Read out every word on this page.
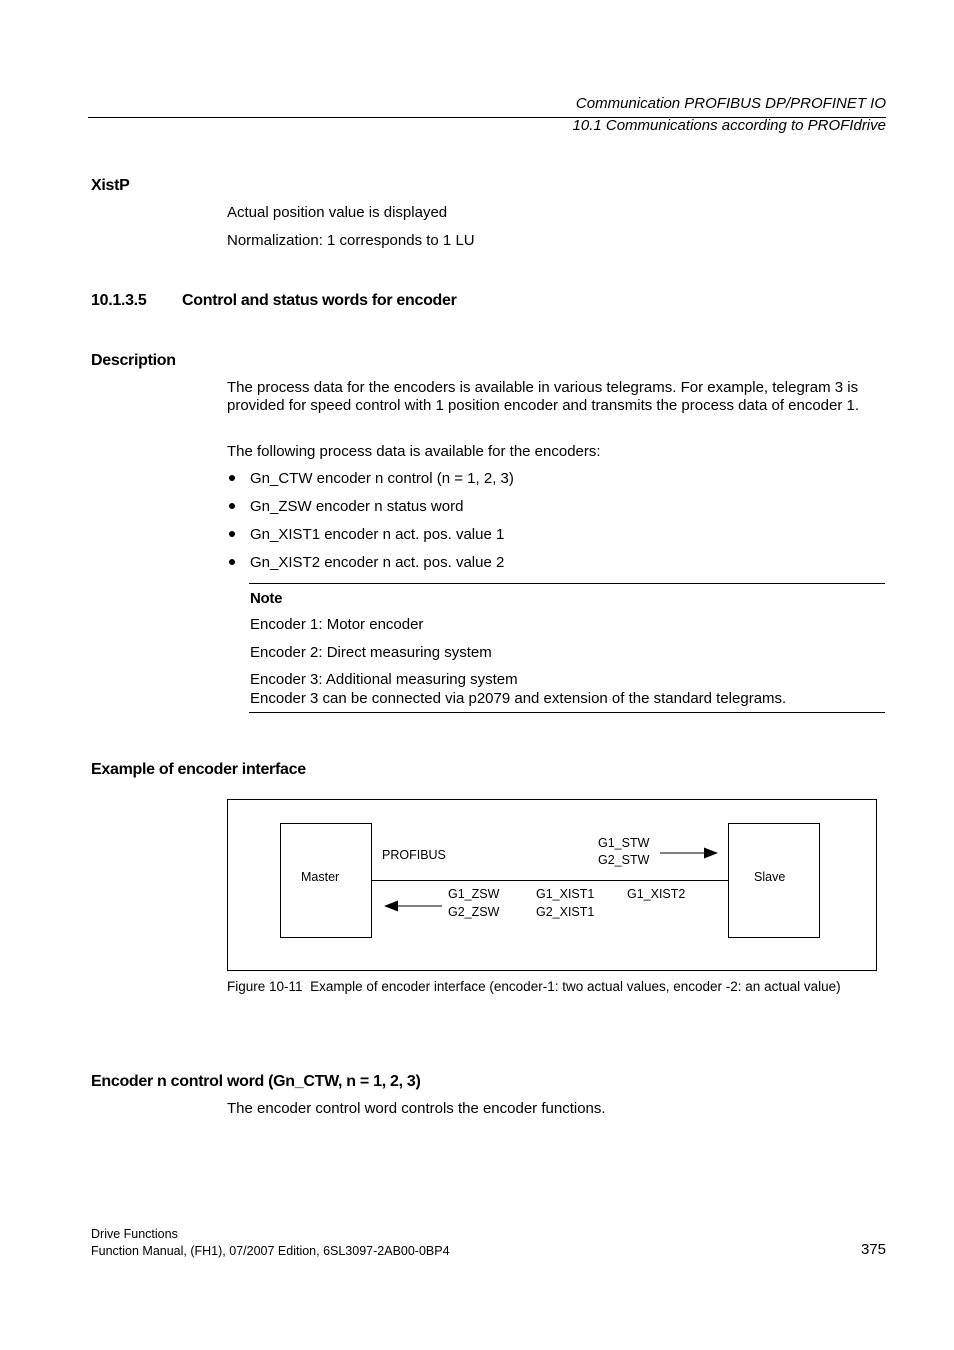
Communication PROFIBUS DP/PROFINET IO
10.1 Communications according to PROFIdrive
XistP
Actual position value is displayed
Normalization: 1 corresponds to 1 LU
10.1.3.5 Control and status words for encoder
Description
The process data for the encoders is available in various telegrams. For example, telegram 3 is provided for speed control with 1 position encoder and transmits the process data of encoder 1.
The following process data is available for the encoders:
Gn_CTW encoder n control (n = 1, 2, 3)
Gn_ZSW encoder n status word
Gn_XIST1 encoder n act. pos. value 1
Gn_XIST2 encoder n act. pos. value 2
Note
Encoder 1: Motor encoder
Encoder 2: Direct measuring system
Encoder 3: Additional measuring system
Encoder 3 can be connected via p2079 and extension of the standard telegrams.
Example of encoder interface
Master	Slave
PROFIBUS
G1_STW
G2_STW
G1_ZSW
G2_ZSW
G1_XIST1
G2_XIST1
G1_XIST2
Figure 10-11 Example of encoder interface (encoder-1: two actual values, encoder -2: an actual value)
Encoder n control word (Gn_CTW, n = 1, 2, 3)
The encoder control word controls the encoder functions.
Drive Functions
Function Manual, (FH1), 07/2007 Edition, 6SL3097-2AB00-0BP4	375
